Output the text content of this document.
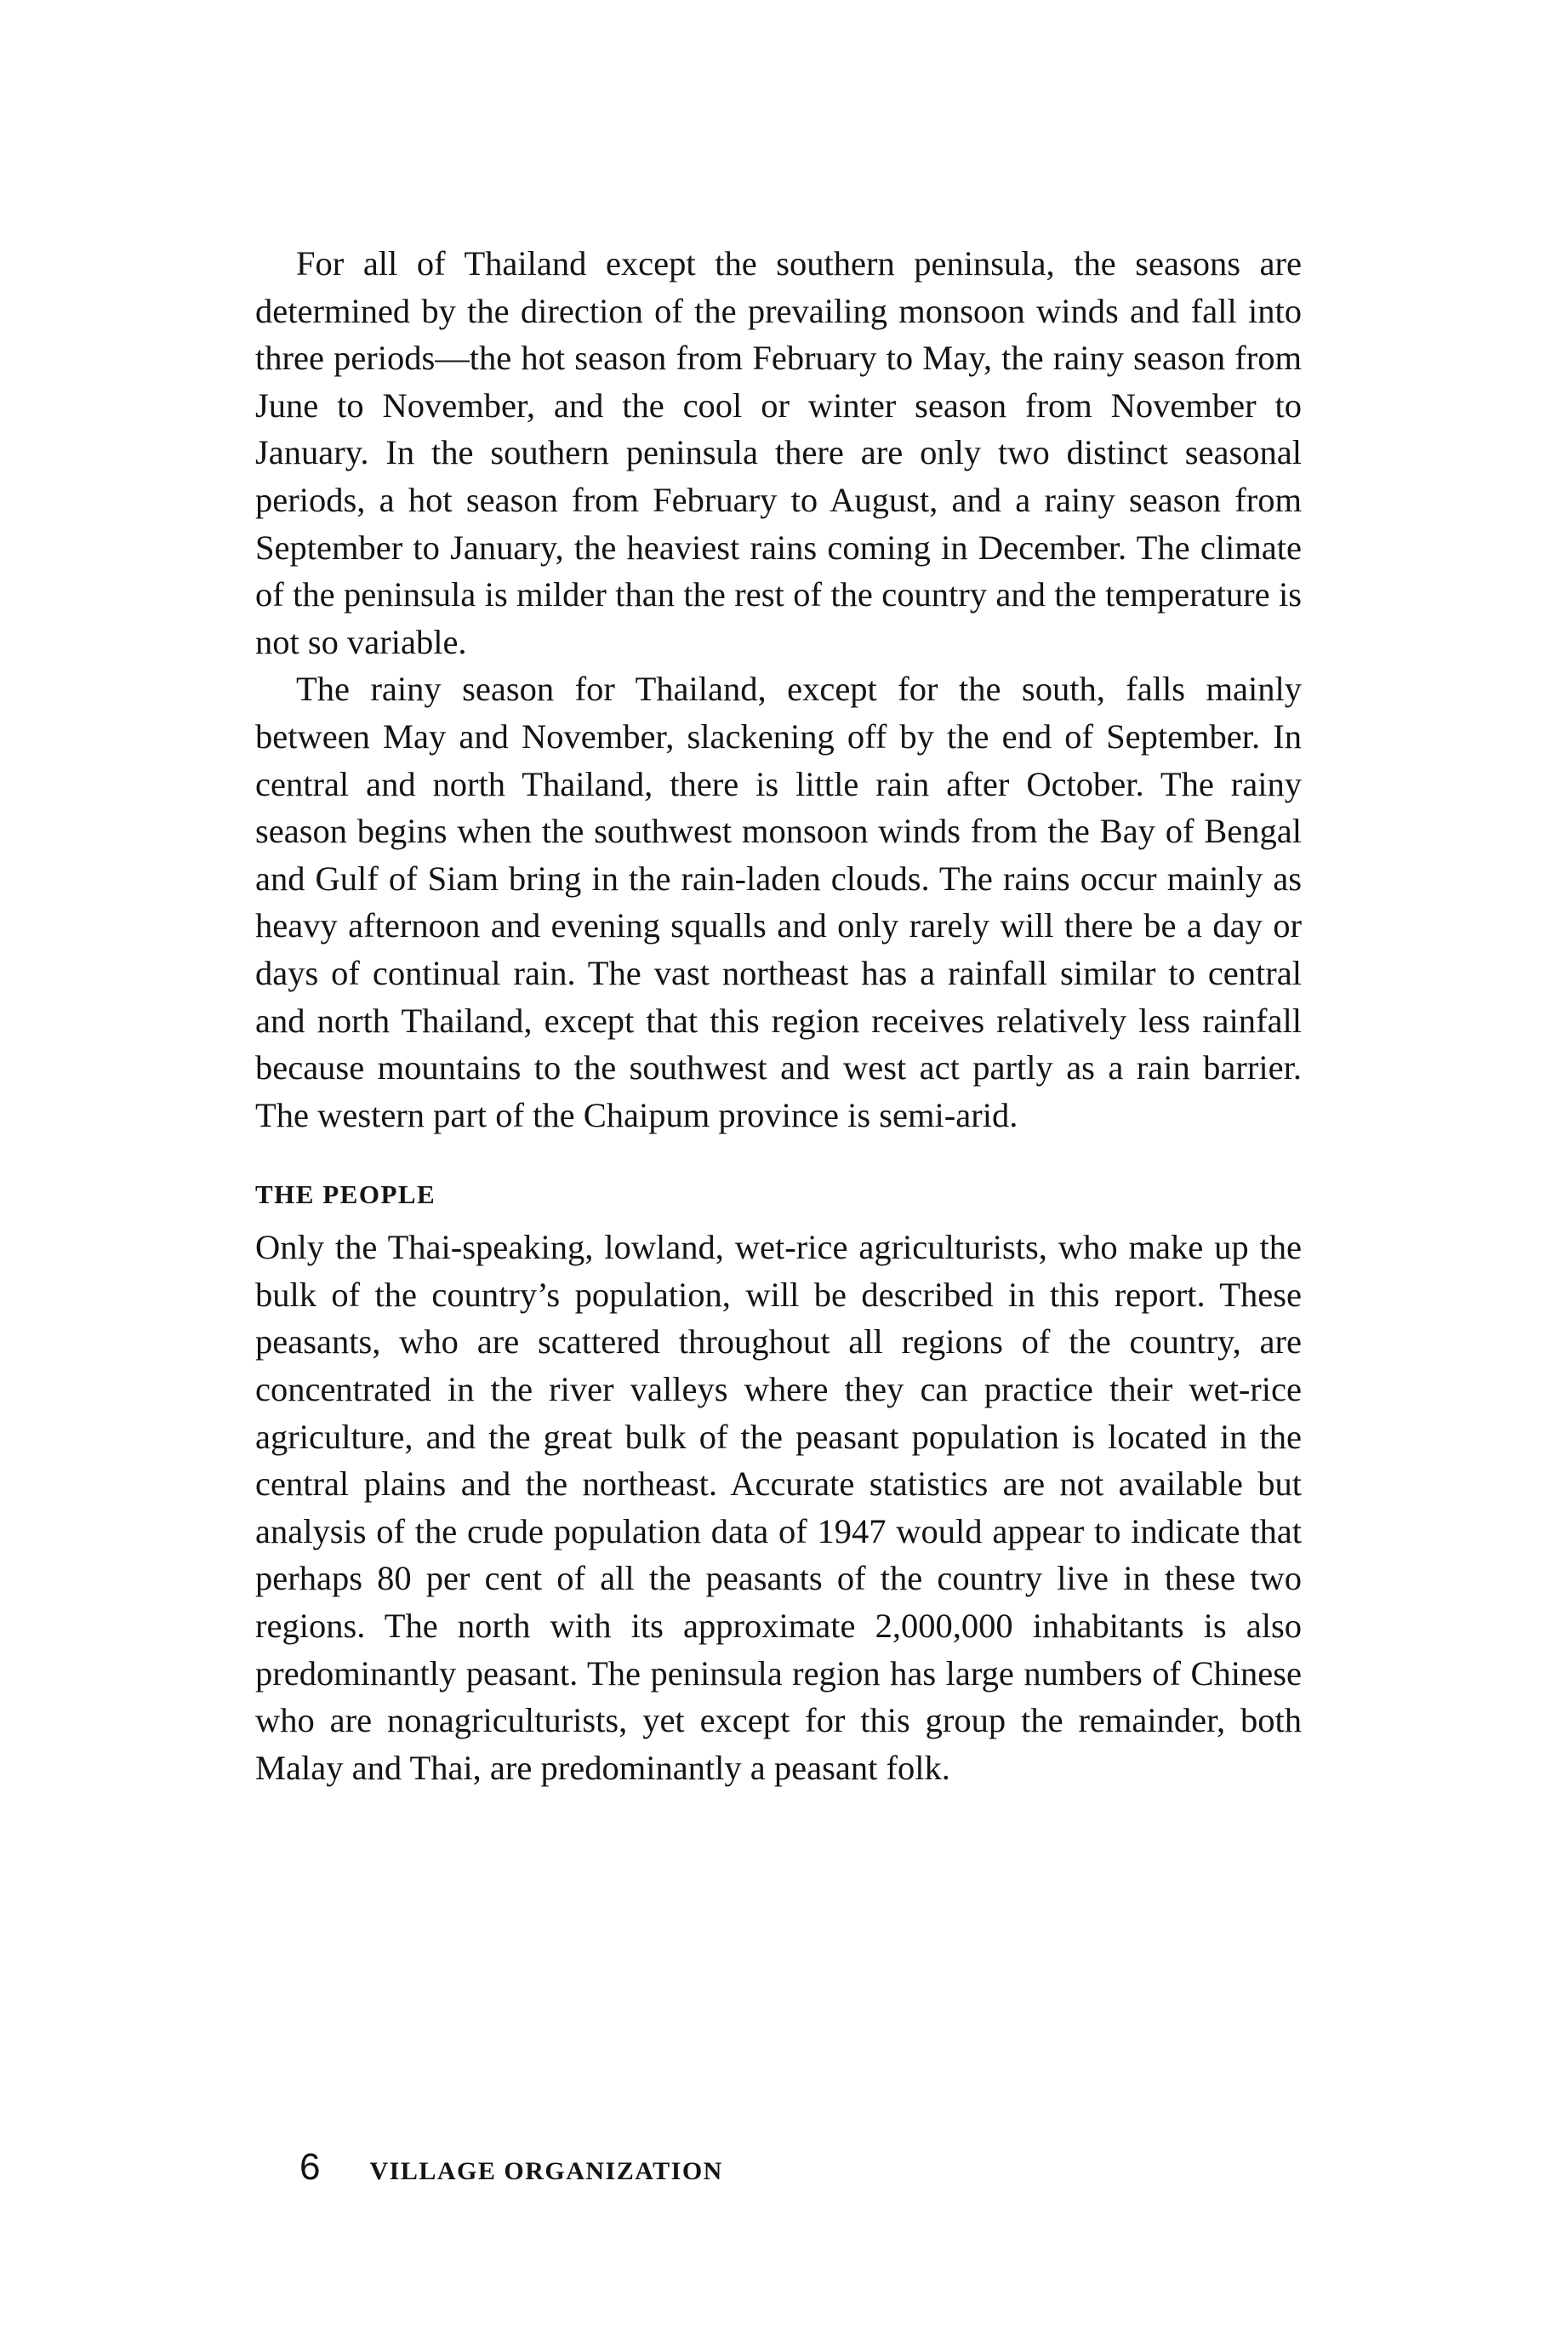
For all of Thailand except the southern peninsula, the seasons are determined by the direction of the prevailing monsoon winds and fall into three periods—the hot season from February to May, the rainy season from June to November, and the cool or winter season from November to January. In the southern peninsula there are only two distinct seasonal periods, a hot season from February to August, and a rainy season from September to January, the heaviest rains coming in December. The climate of the peninsula is milder than the rest of the country and the temperature is not so variable.

The rainy season for Thailand, except for the south, falls mainly between May and November, slackening off by the end of September. In central and north Thailand, there is little rain after October. The rainy season begins when the southwest monsoon winds from the Bay of Bengal and Gulf of Siam bring in the rain-laden clouds. The rains occur mainly as heavy afternoon and evening squalls and only rarely will there be a day or days of continual rain. The vast northeast has a rainfall similar to central and north Thailand, except that this region receives relatively less rainfall because mountains to the southwest and west act partly as a rain barrier. The western part of the Chaipum province is semi-arid.

THE PEOPLE

Only the Thai-speaking, lowland, wet-rice agriculturists, who make up the bulk of the country’s population, will be described in this report. These peasants, who are scattered throughout all regions of the country, are concentrated in the river valleys where they can practice their wet-rice agriculture, and the great bulk of the peasant population is located in the central plains and the northeast. Accurate statistics are not available but analysis of the crude population data of 1947 would appear to indicate that perhaps 80 per cent of all the peasants of the country live in these two regions. The north with its approximate 2,000,000 inhabitants is also predominantly peasant. The peninsula region has large numbers of Chinese who are nonagriculturists, yet except for this group the remainder, both Malay and Thai, are predominantly a peasant folk.

6 VILLAGE ORGANIZATION
